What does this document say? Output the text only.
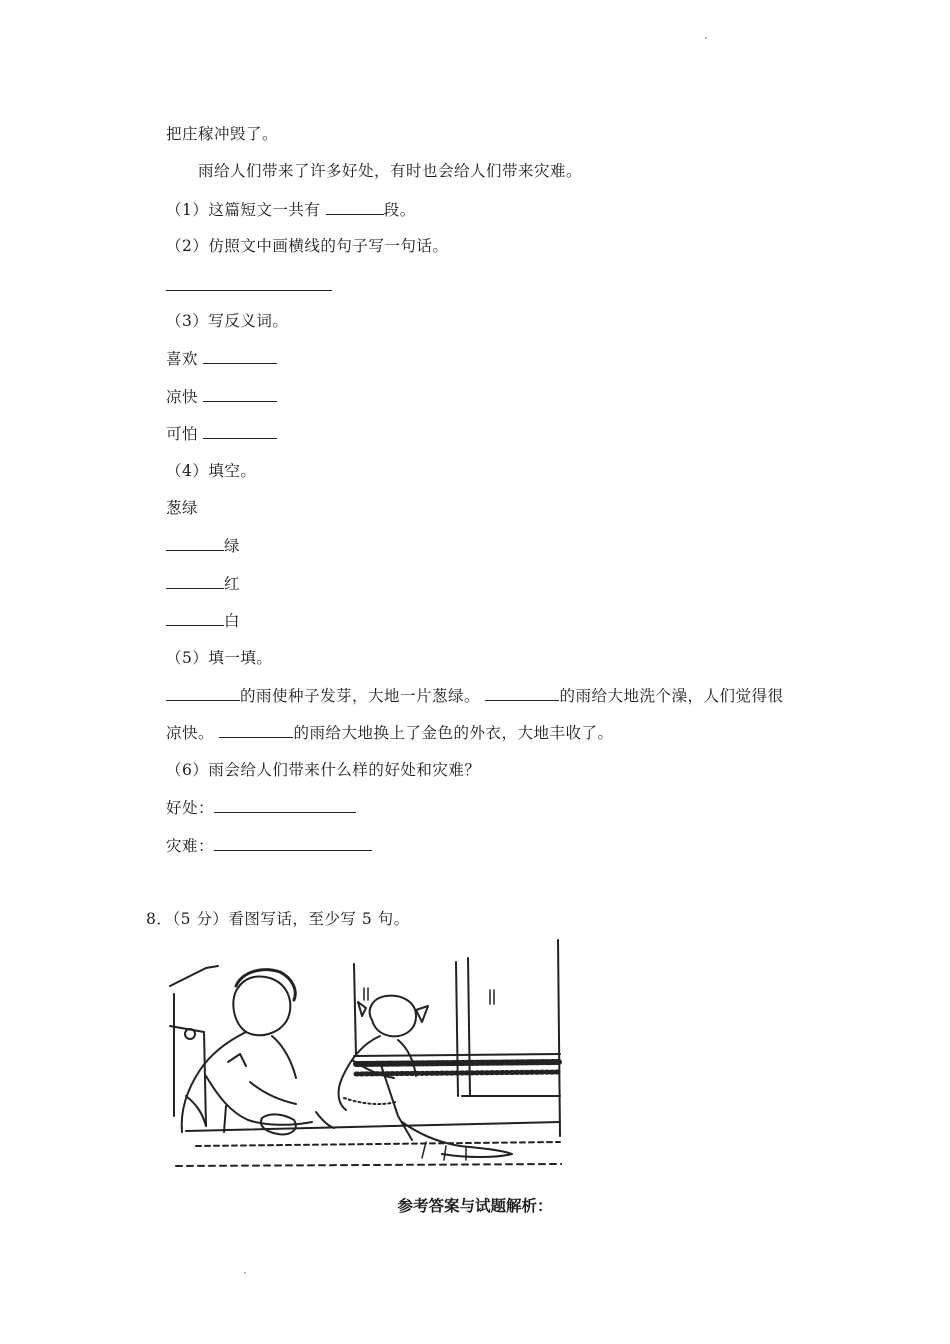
把庄稼冲毁了。
雨给人们带来了许多好处，有时也会给人们带来灾难。
（1）这篇短文一共有	段。
（2）仿照文中画横线的句子写一句话。
（3）写反义词。
喜欢
凉快
可怕
（4）填空。
葱绿
绿
红
白
（5）填一填。
的雨使种子发芽，大地一片葱绿。	的雨给大地洗个澡，人们觉得很
凉快。	的雨给大地换上了金色的外衣，大地丰收了。
（6）雨会给人们带来什么样的好处和灾难？
好处：
灾难：
8．（5 分）看图写话，至少写 5 句。
参考答案与试题解析：
